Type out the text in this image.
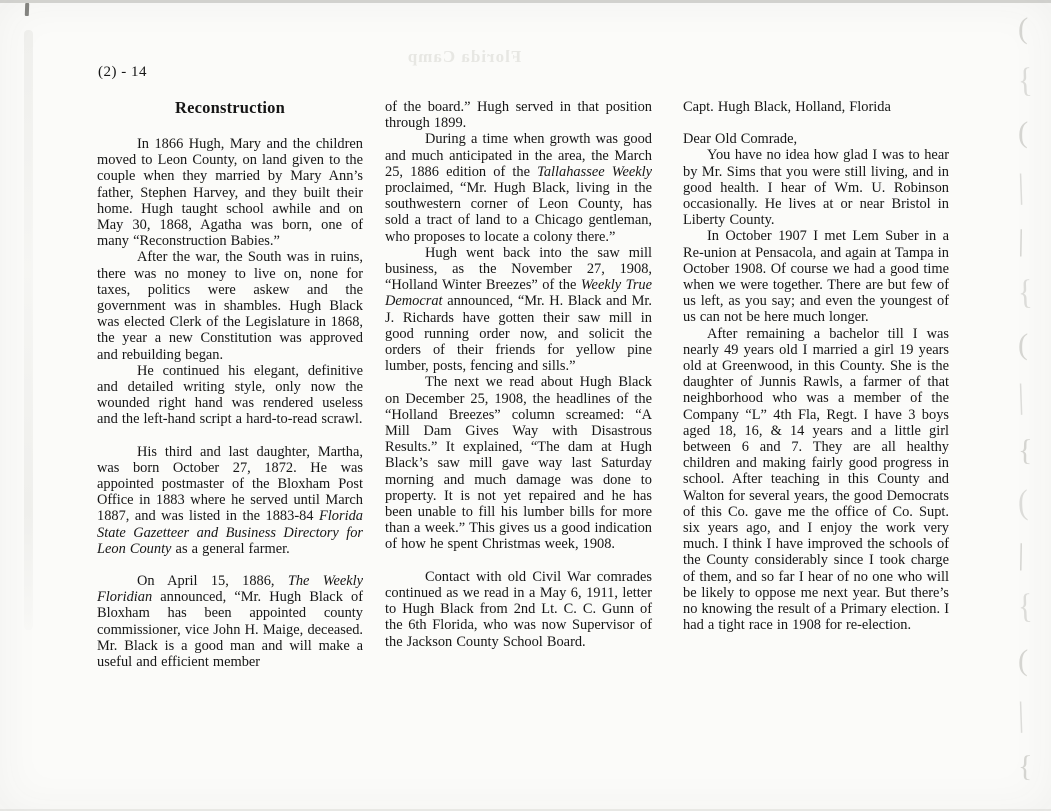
Florida Camp
(2) - 14

Reconstruction

In 1866 Hugh, Mary and the children moved to Leon County, on land given to the couple when they married by Mary Ann’s father, Stephen Harvey, and they built their home. Hugh taught school awhile and on May 30, 1868, Agatha was born, one of many “Reconstruction Babies.”

After the war, the South was in ruins, there was no money to live on, none for taxes, politics were askew and the government was in shambles. Hugh Black was elected Clerk of the Legislature in 1868, the year a new Constitution was approved and rebuilding began.

He continued his elegant, definitive and detailed writing style, only now the wounded right hand was rendered useless and the left-hand script a hard-to-read scrawl.

His third and last daughter, Martha, was born October 27, 1872. He was appointed postmaster of the Bloxham Post Office in 1883 where he served until March 1887, and was listed in the 1883-84 Florida State Gazetteer and Business Directory for Leon County as a general farmer.

On April 15, 1886, The Weekly Floridian announced, “Mr. Hugh Black of Bloxham has been appointed county commissioner, vice John H. Maige, deceased. Mr. Black is a good man and will make a useful and efficient member

of the board.” Hugh served in that position through 1899.

During a time when growth was good and much anticipated in the area, the March 25, 1886 edition of the Tallahassee Weekly proclaimed, “Mr. Hugh Black, living in the southwestern corner of Leon County, has sold a tract of land to a Chicago gentleman, who proposes to locate a colony there.”

Hugh went back into the saw mill business, as the November 27, 1908, “Holland Winter Breezes” of the Weekly True Democrat announced, “Mr. H. Black and Mr. J. Richards have gotten their saw mill in good running order now, and solicit the orders of their friends for yellow pine lumber, posts, fencing and sills.”

The next we read about Hugh Black on December 25, 1908, the headlines of the “Holland Breezes” column screamed: “A Mill Dam Gives Way with Disastrous Results.” It explained, “The dam at Hugh Black’s saw mill gave way last Saturday morning and much damage was done to property. It is not yet repaired and he has been unable to fill his lumber bills for more than a week.” This gives us a good indication of how he spent Christmas week, 1908.

Contact with old Civil War comrades continued as we read in a May 6, 1911, letter to Hugh Black from 2nd Lt. C. C. Gunn of the 6th Florida, who was now Supervisor of the Jackson County School Board.

Capt. Hugh Black, Holland, Florida

Dear Old Comrade,

You have no idea how glad I was to hear by Mr. Sims that you were still living, and in good health. I hear of Wm. U. Robinson occasionally. He lives at or near Bristol in Liberty County.

In October 1907 I met Lem Suber in a Re-union at Pensacola, and again at Tampa in October 1908. Of course we had a good time when we were together. There are but few of us left, as you say; and even the youngest of us can not be here much longer.

After remaining a bachelor till I was nearly 49 years old I married a girl 19 years old at Greenwood, in this County. She is the daughter of Junnis Rawls, a farmer of that neighborhood who was a member of the Company “L” 4th Fla, Regt. I have 3 boys aged 18, 16, & 14 years and a little girl between 6 and 7. They are all healthy children and making fairly good progress in school. After teaching in this County and Walton for several years, the good Democrats of this Co. gave me the office of Co. Supt. six years ago, and I enjoy the work very much. I think I have improved the schools of the County considerably since I took charge of them, and so far I hear of no one who will be likely to oppose me next year. But there’s no knowing the result of a Primary election. I had a tight race in 1908 for re-election.

(
{
(
|
|
{
(
|
{
(
|
{
(
|
{
